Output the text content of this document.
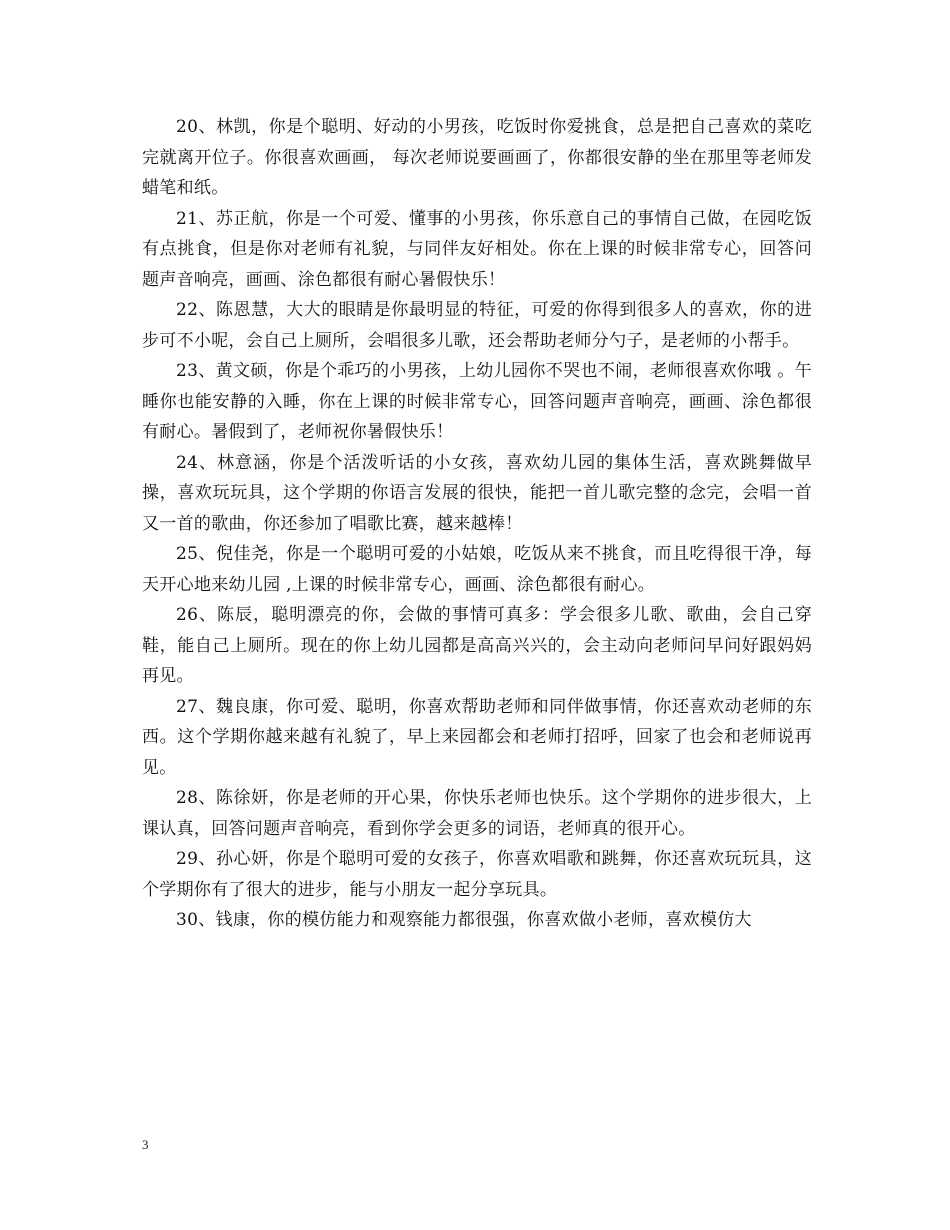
20、林凯，你是个聪明、好动的小男孩，吃饭时你爱挑食，总是把自己喜欢的菜吃完就离开位子。你很喜欢画画， 每次老师说要画画了，你都很安静的坐在那里等老师发蜡笔和纸。

21、苏正航，你是一个可爱、懂事的小男孩，你乐意自己的事情自己做，在园吃饭有点挑食，但是你对老师有礼貌，与同伴友好相处。你在上课的时候非常专心，回答问题声音响亮，画画、涂色都很有耐心暑假快乐！

22、陈恩慧，大大的眼睛是你最明显的特征，可爱的你得到很多人的喜欢，你的进步可不小呢，会自己上厕所，会唱很多儿歌，还会帮助老师分勺子，是老师的小帮手。

23、黄文硕，你是个乖巧的小男孩，上幼儿园你不哭也不闹，老师很喜欢你哦 。午睡你也能安静的入睡，你在上课的时候非常专心，回答问题声音响亮，画画、涂色都很有耐心。暑假到了，老师祝你暑假快乐！

24、林意涵，你是个活泼听话的小女孩，喜欢幼儿园的集体生活，喜欢跳舞做早操，喜欢玩玩具，这个学期的你语言发展的很快，能把一首儿歌完整的念完，会唱一首又一首的歌曲，你还参加了唱歌比赛，越来越棒！

25、倪佳尧，你是一个聪明可爱的小姑娘，吃饭从来不挑食，而且吃得很干净，每天开心地来幼儿园 ,上课的时候非常专心，画画、涂色都很有耐心。

26、陈辰，聪明漂亮的你，会做的事情可真多：学会很多儿歌、歌曲，会自己穿鞋，能自己上厕所。现在的你上幼儿园都是高高兴兴的，会主动向老师问早问好跟妈妈再见。

27、魏良康，你可爱、聪明，你喜欢帮助老师和同伴做事情，你还喜欢动老师的东西。这个学期你越来越有礼貌了，早上来园都会和老师打招呼，回家了也会和老师说再见。

28、陈徐妍，你是老师的开心果，你快乐老师也快乐。这个学期你的进步很大，上课认真，回答问题声音响亮，看到你学会更多的词语，老师真的很开心。

29、孙心妍，你是个聪明可爱的女孩子，你喜欢唱歌和跳舞，你还喜欢玩玩具，这个学期你有了很大的进步，能与小朋友一起分享玩具。

30、钱康，你的模仿能力和观察能力都很强，你喜欢做小老师，喜欢模仿大

3
